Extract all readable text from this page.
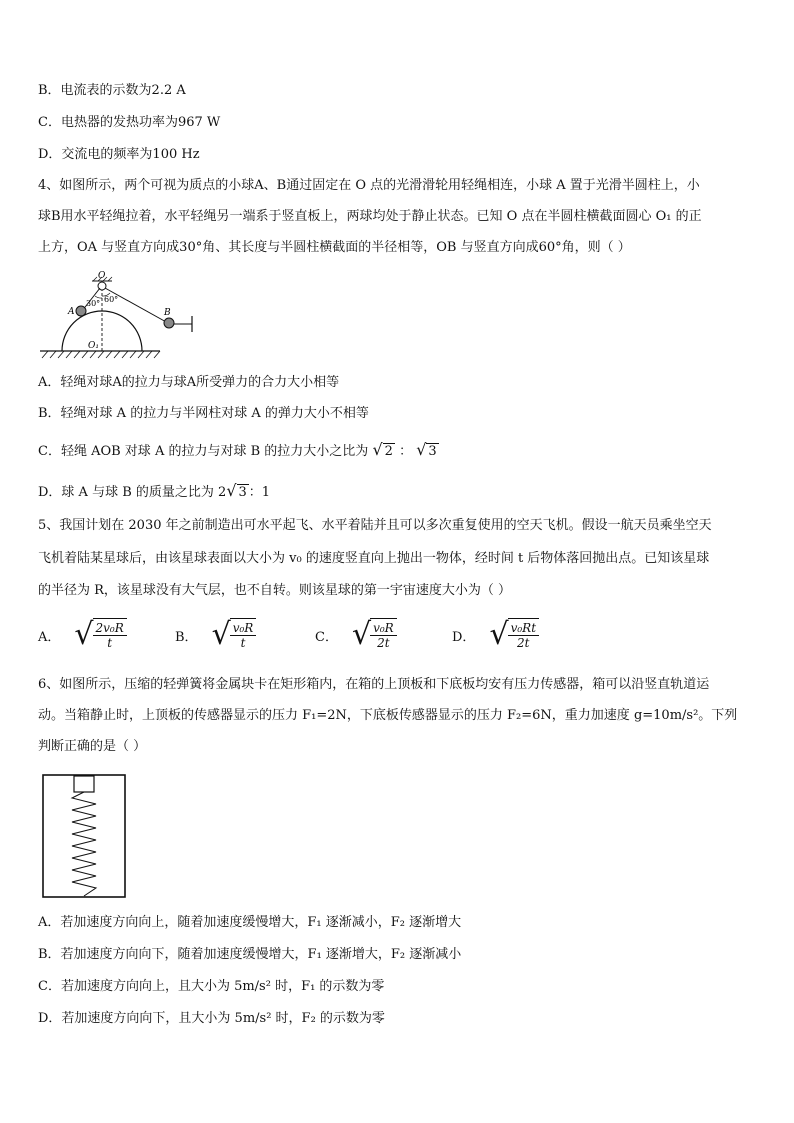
B．电流表的示数为2.2 A
C．电热器的发热功率为967 W
D．交流电的频率为100 Hz
4、如图所示，两个可视为质点的小球A、B通过固定在 O 点的光滑滑轮用轻绳相连，小球 A 置于光滑半圆柱上，小
球B用水平轻绳拉着，水平轻绳另一端系于竖直板上，两球均处于静止状态。已知 O 点在半圆柱横截面圆心 O₁ 的正
上方，OA 与竖直方向成30°角、其长度与半圆柱横截面的半径相等，OB 与竖直方向成60°角，则（ ）
O
A	B
O₁
30° 60°
A．轻绳对球A的拉力与球A所受弹力的合力大小相等
B．轻绳对球 A 的拉力与半网柱对球 A 的弹力大小不相等
C．轻绳 AOB 对球 A 的拉力与对球 B 的拉力大小之比为 √ 2 ： √ 3
D．球 A 与球 B 的质量之比为 2√ 3 ：1
5、我国计划在 2030 年之前制造出可水平起飞、水平着陆并且可以多次重复使用的空天飞机。假设一航天员乘坐空天
飞机着陆某星球后，由该星球表面以大小为 v₀ 的速度竖直向上抛出一物体，经时间 t 后物体落回抛出点。已知该星球
的半径为 R，该星球没有大气层，也不自转。则该星球的第一宇宙速度大小为（ ）
A． √ $\frac{\text{2v₀R}}{t}$	B． √ $\frac{\text{v₀R}}{t}$	C． √ $\frac{\text{v₀R}}{2t}$	D． √ $\frac{\text{v₀Rt}}{2t}$
6、如图所示，压缩的轻弹簧将金属块卡在矩形箱内，在箱的上顶板和下底板均安有压力传感器，箱可以沿竖直轨道运
动。当箱静止时，上顶板的传感器显示的压力 F₁=2N，下底板传感器显示的压力 F₂=6N，重力加速度 g=10m/s²。下列
判断正确的是（ ）
A．若加速度方向向上，随着加速度缓慢增大，F₁ 逐渐减小，F₂ 逐渐增大
B．若加速度方向向下，随着加速度缓慢增大，F₁ 逐渐增大，F₂ 逐渐减小
C．若加速度方向向上，且大小为 5m/s² 时，F₁ 的示数为零
D．若加速度方向向下，且大小为 5m/s² 时，F₂ 的示数为零
